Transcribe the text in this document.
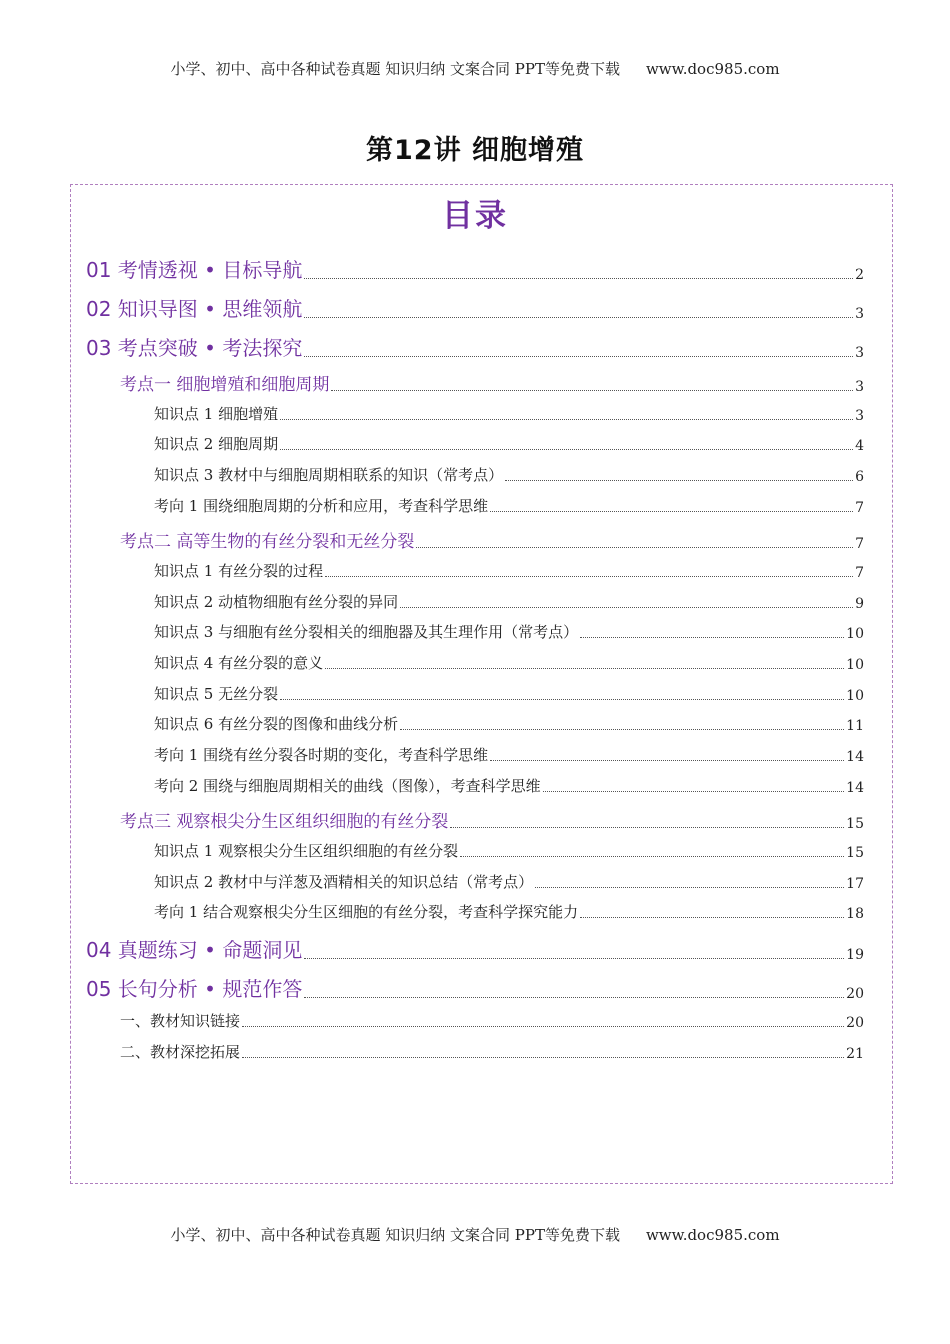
小学、初中、高中各种试卷真题 知识归纳 文案合同 PPT等免费下载 www.doc985.com
第12讲 细胞增殖
目录
01 考情透视 • 目标导航	2
02 知识导图 • 思维领航	3
03 考点突破 • 考法探究	3
考点一 细胞增殖和细胞周期	3
知识点 1 细胞增殖	3
知识点 2 细胞周期	4
知识点 3 教材中与细胞周期相联系的知识（常考点）	6
考向 1 围绕细胞周期的分析和应用，考查科学思维	7
考点二 高等生物的有丝分裂和无丝分裂	7
知识点 1 有丝分裂的过程	7
知识点 2 动植物细胞有丝分裂的异同	9
知识点 3 与细胞有丝分裂相关的细胞器及其生理作用（常考点）	10
知识点 4 有丝分裂的意义	10
知识点 5 无丝分裂	10
知识点 6 有丝分裂的图像和曲线分析	11
考向 1 围绕有丝分裂各时期的变化，考查科学思维	14
考向 2 围绕与细胞周期相关的曲线（图像），考查科学思维	14
考点三 观察根尖分生区组织细胞的有丝分裂	15
知识点 1 观察根尖分生区组织细胞的有丝分裂	15
知识点 2 教材中与洋葱及酒精相关的知识总结（常考点）	17
考向 1 结合观察根尖分生区细胞的有丝分裂，考查科学探究能力	18
04 真题练习 • 命题洞见	19
05 长句分析 • 规范作答	20
一、教材知识链接	20
二、教材深挖拓展	21
小学、初中、高中各种试卷真题 知识归纳 文案合同 PPT等免费下载 www.doc985.com
